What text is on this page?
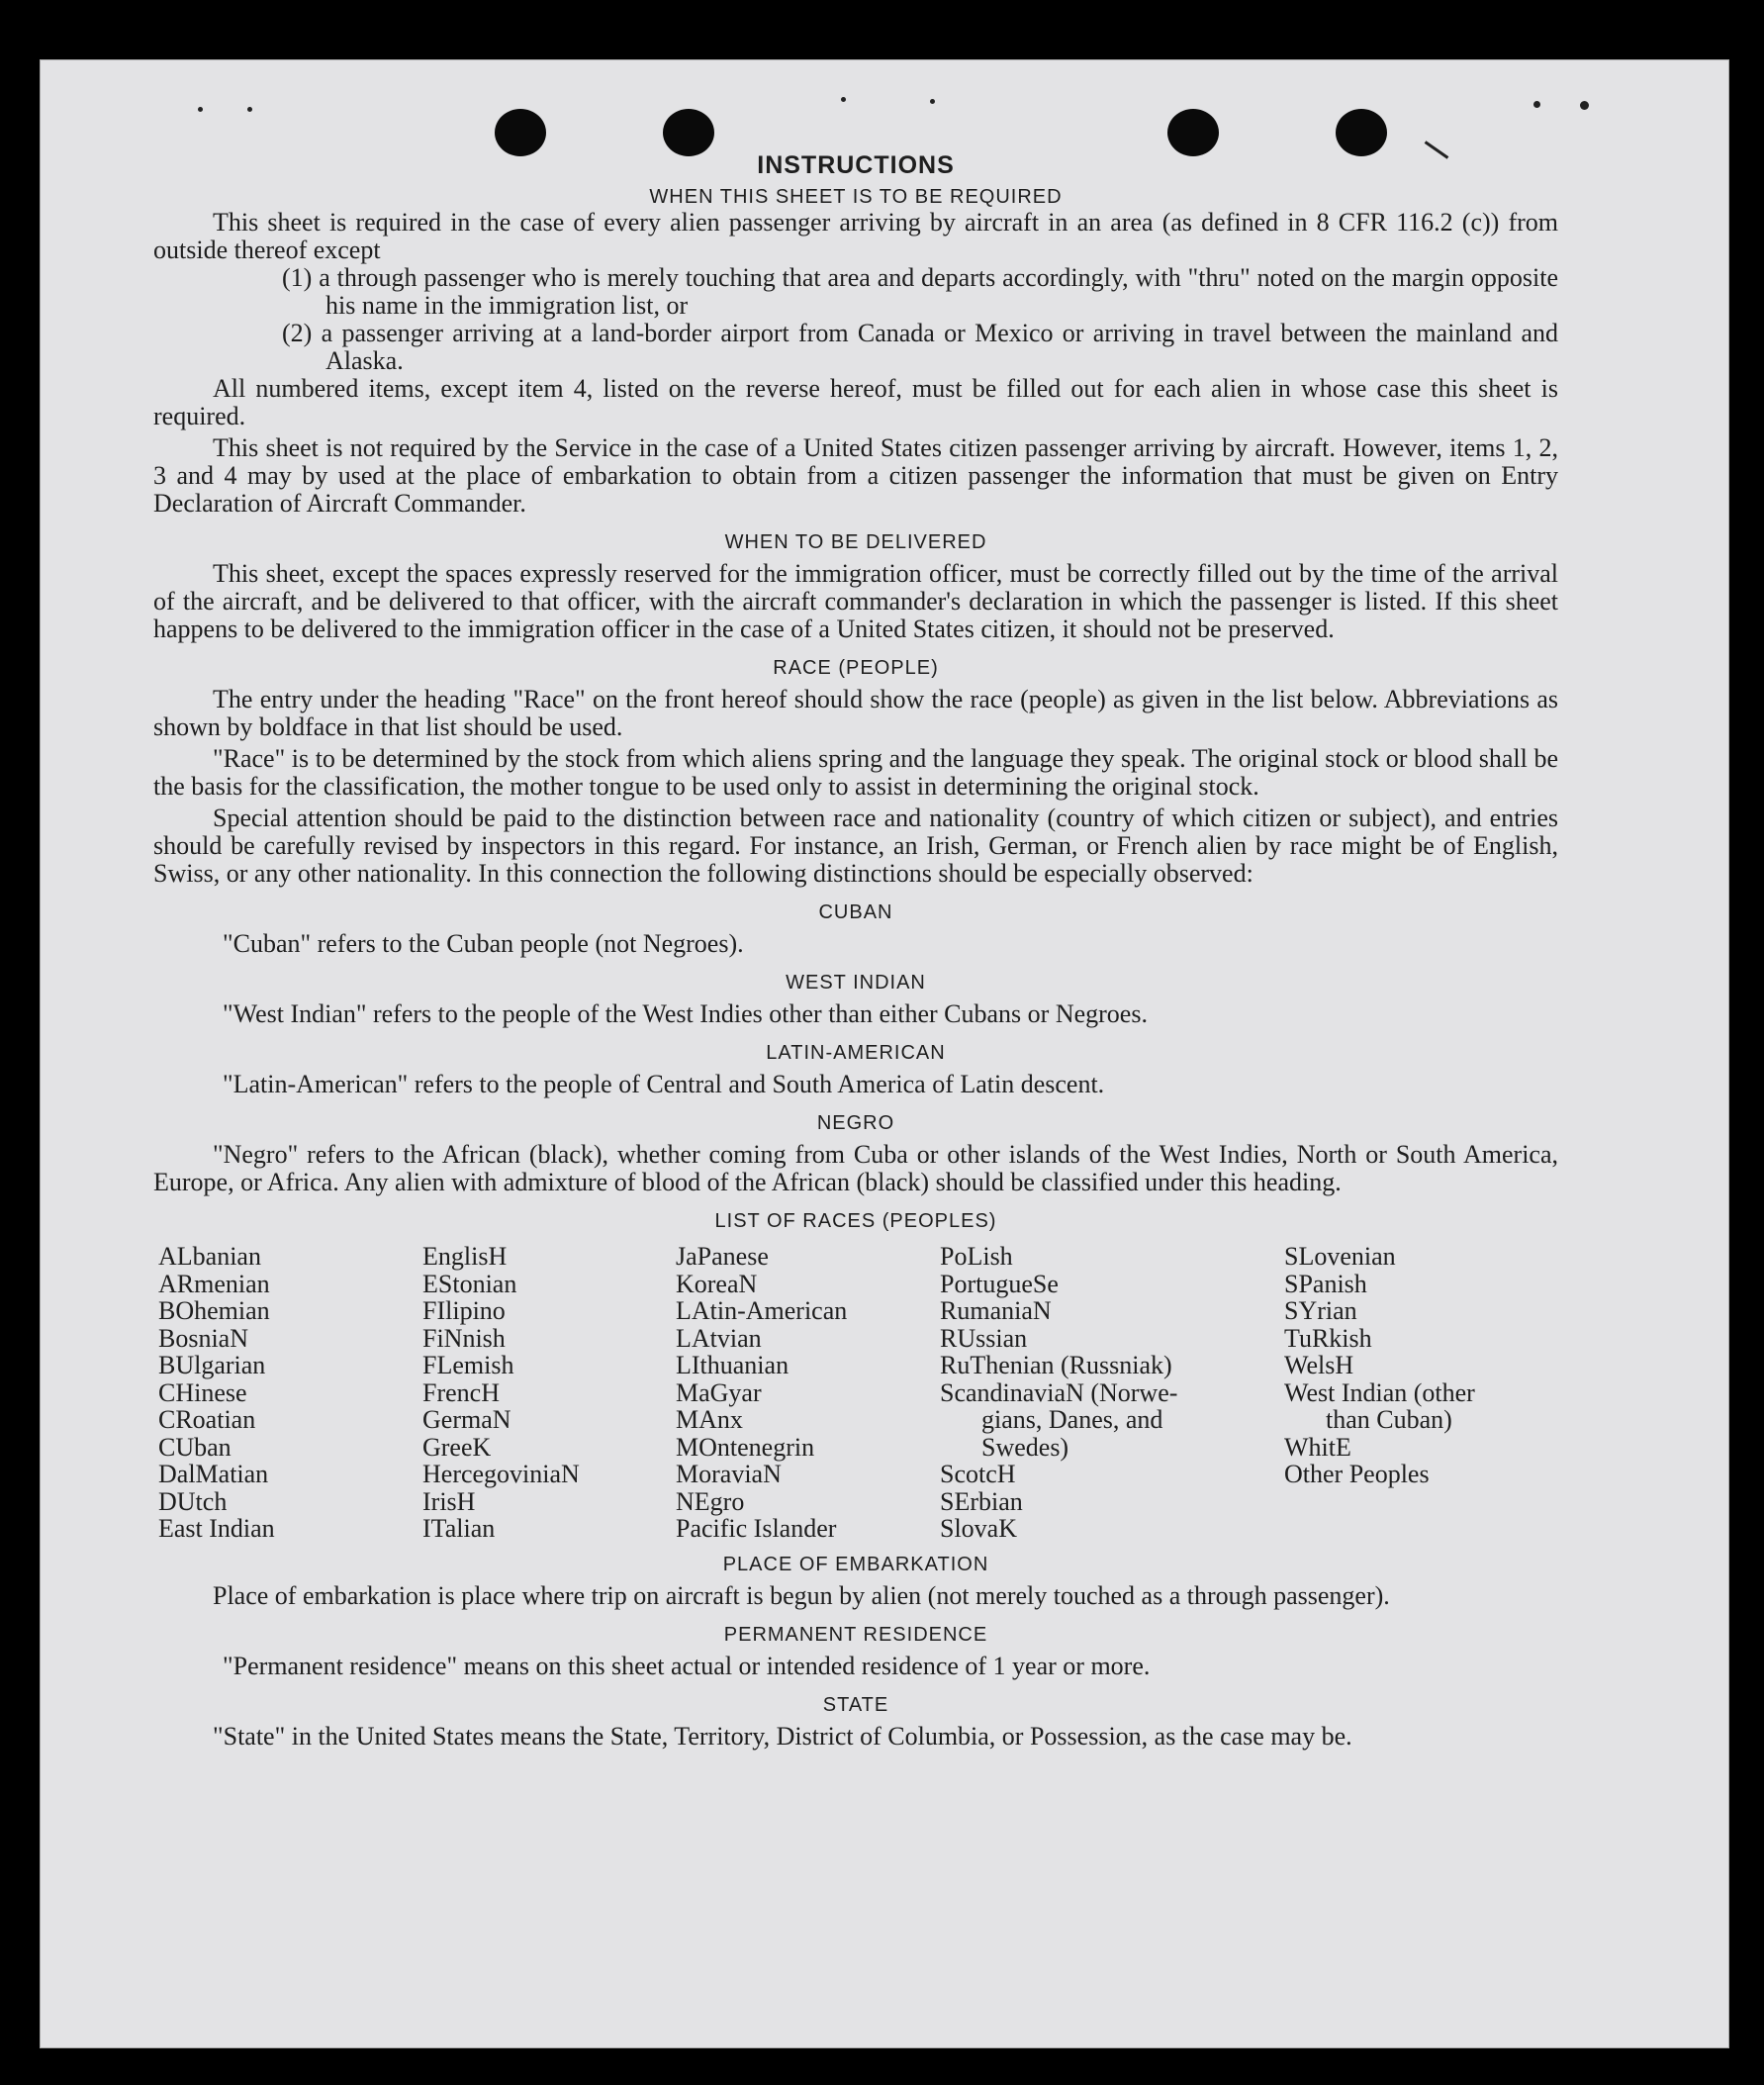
INSTRUCTIONS
WHEN THIS SHEET IS TO BE REQUIRED

This sheet is required in the case of every alien passenger arriving by aircraft in an area (as defined in 8 CFR 116.2 (c)) from outside thereof except

(1) a through passenger who is merely touching that area and departs accordingly, with "thru" noted on the margin opposite his name in the immigration list, or
(2) a passenger arriving at a land-border airport from Canada or Mexico or arriving in travel between the mainland and Alaska.

All numbered items, except item 4, listed on the reverse hereof, must be filled out for each alien in whose case this sheet is required.

This sheet is not required by the Service in the case of a United States citizen passenger arriving by aircraft. However, items 1, 2, 3 and 4 may by used at the place of embarkation to obtain from a citizen passenger the information that must be given on Entry Declaration of Aircraft Commander.

WHEN TO BE DELIVERED

This sheet, except the spaces expressly reserved for the immigration officer, must be correctly filled out by the time of the arrival of the aircraft, and be delivered to that officer, with the aircraft commander's declaration in which the passenger is listed. If this sheet happens to be delivered to the immigration officer in the case of a United States citizen, it should not be preserved.

RACE (PEOPLE)

The entry under the heading "Race" on the front hereof should show the race (people) as given in the list below. Abbreviations as shown by boldface in that list should be used.

"Race" is to be determined by the stock from which aliens spring and the language they speak. The original stock or blood shall be the basis for the classification, the mother tongue to be used only to assist in determining the original stock.

Special attention should be paid to the distinction between race and nationality (country of which citizen or subject), and entries should be carefully revised by inspectors in this regard. For instance, an Irish, German, or French alien by race might be of English, Swiss, or any other nationality. In this connection the following distinctions should be especially observed:

CUBAN
"Cuban" refers to the Cuban people (not Negroes).
WEST INDIAN
"West Indian" refers to the people of the West Indies other than either Cubans or Negroes.
LATIN-AMERICAN
"Latin-American" refers to the people of Central and South America of Latin descent.
NEGRO

"Negro" refers to the African (black), whether coming from Cuba or other islands of the West Indies, North or South America, Europe, or Africa. Any alien with admixture of blood of the African (black) should be classified under this heading.

LIST OF RACES (PEOPLES)
ALbanian
ARmenian
BOhemian
BosniaN
BUlgarian
CHinese
CRoatian
CUban
DalMatian
DUtch
East Indian
EnglisH
EStonian
FIlipino
FiNnish
FLemish
FrencH
GermaN
GreeK
HercegoviniaN
IrisH
ITalian
JaPanese
KoreaN
LAtin-American
LAtvian
LIthuanian
MaGyar
MAnx
MOntenegrin
MoraviaN
NEgro
Pacific Islander
PoLish
PortugueSe
RumaniaN
RUssian
RuThenian (Russniak)
ScandinaviaN (Norwe-
gians, Danes, and
Swedes)
ScotcH
SErbian
SlovaK
SLovenian
SPanish
SYrian
TuRkish
WelsH
West Indian (other
than Cuban)
WhitE
Other Peoples
PLACE OF EMBARKATION

Place of embarkation is place where trip on aircraft is begun by alien (not merely touched as a through passenger).

PERMANENT RESIDENCE
"Permanent residence" means on this sheet actual or intended residence of 1 year or more.
STATE

"State" in the United States means the State, Territory, District of Columbia, or Possession, as the case may be.
